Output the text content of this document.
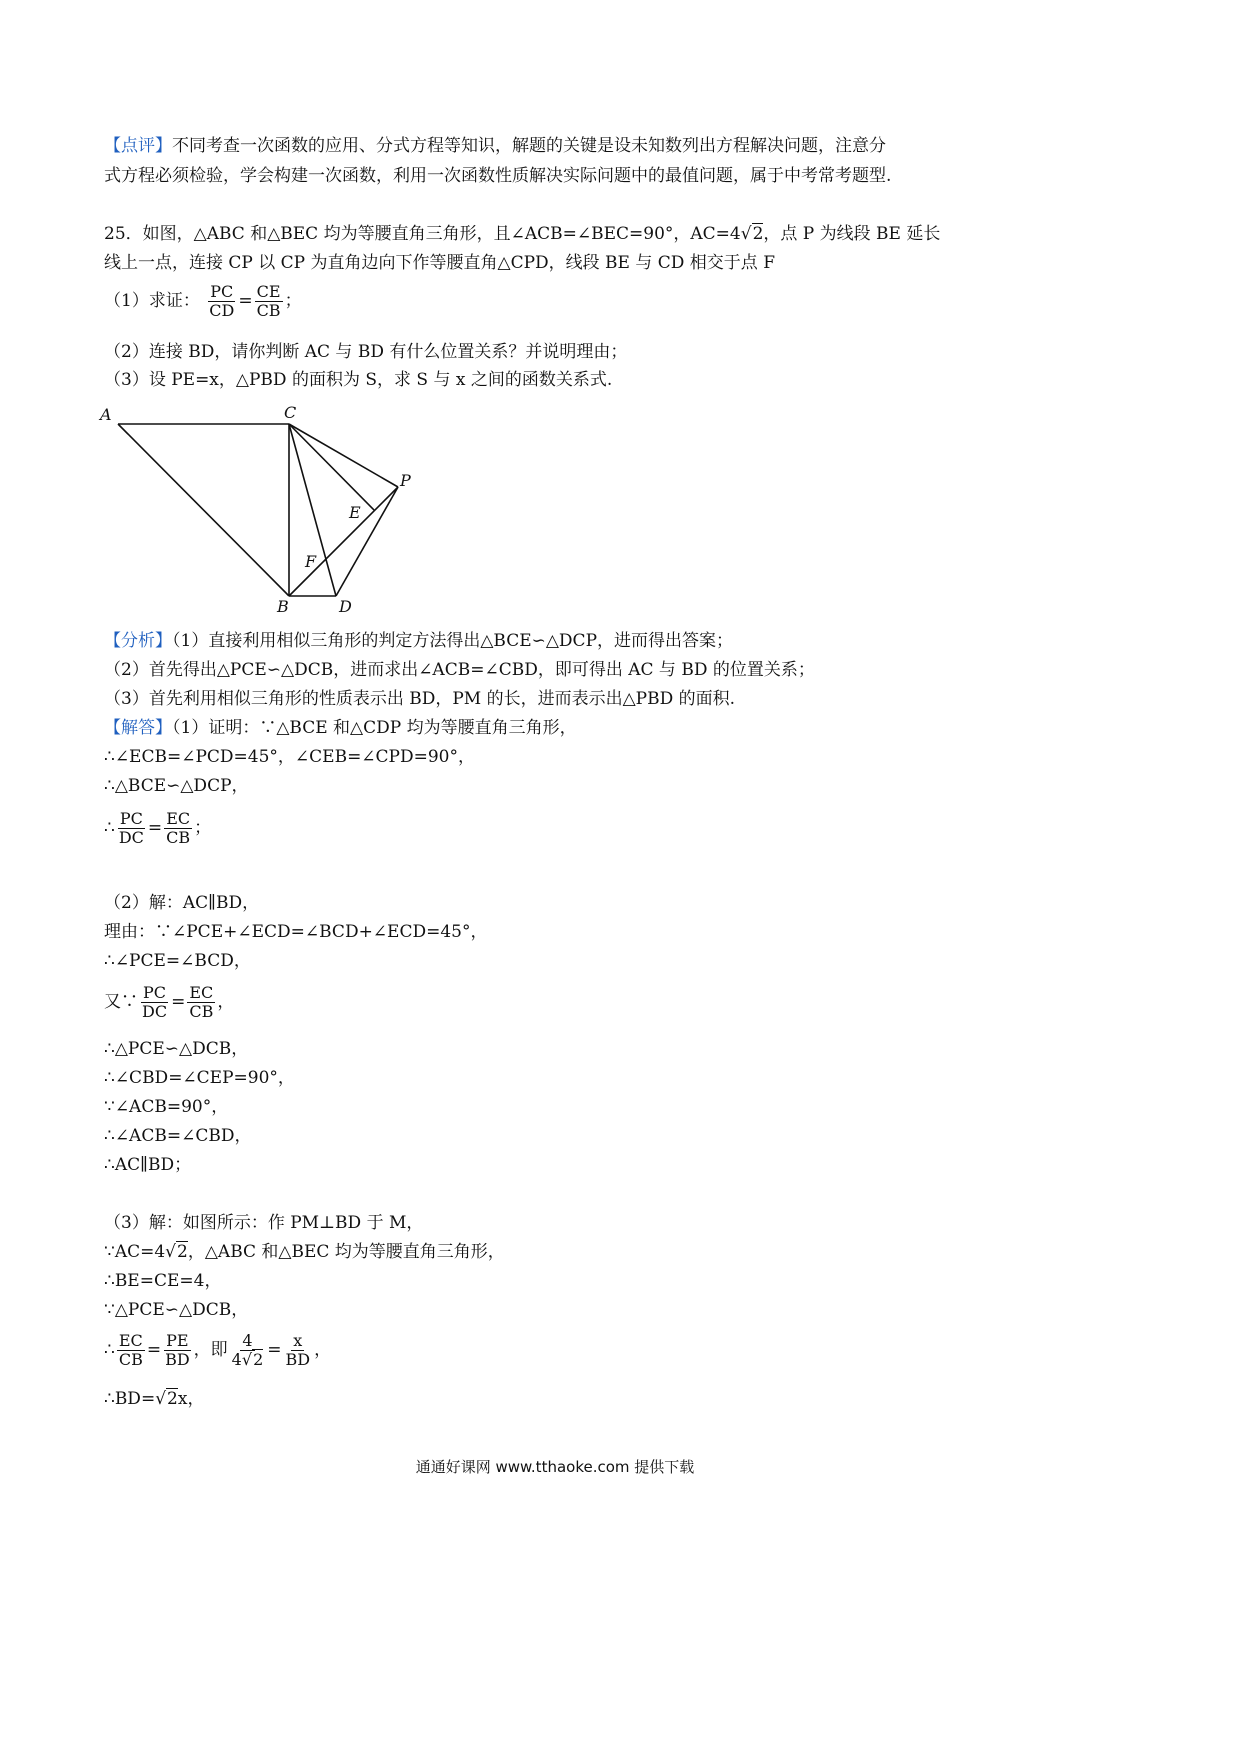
【点评】不同考查一次函数的应用、分式方程等知识，解题的关键是设未知数列出方程解决问题，注意分
式方程必须检验，学会构建一次函数，利用一次函数性质解决实际问题中的最值问题，属于中考常考题型.
25．如图，△ABC 和△BEC 均为等腰直角三角形，且∠ACB=∠BEC=90°，AC=4√2，点 P 为线段 BE 延长
线上一点，连接 CP 以 CP 为直角边向下作等腰直角△CPD，线段 BE 与 CD 相交于点 F
（1）求证： $\frac{PC}{CD} = \frac{CE}{CB}$ ；
（2）连接 BD，请你判断 AC 与 BD 有什么位置关系？并说明理由；
（3）设 PE=x，△PBD 的面积为 S，求 S 与 x 之间的函数关系式.
A	C
P
E
F
B	D
【分析】（1）直接利用相似三角形的判定方法得出△BCE∽△DCP，进而得出答案；
（2）首先得出△PCE∽△DCB，进而求出∠ACB=∠CBD，即可得出 AC 与 BD 的位置关系；
（3）首先利用相似三角形的性质表示出 BD，PM 的长，进而表示出△PBD 的面积.
【解答】（1）证明：∵△BCE 和△CDP 均为等腰直角三角形，
∴∠ECB=∠PCD=45°，∠CEB=∠CPD=90°，
∴△BCE∽△DCP，
∴ $\frac{PC}{DC} = \frac{EC}{CB}$ ；
（2）解：AC∥BD，
理由：∵∠PCE+∠ECD=∠BCD+∠ECD=45°，
∴∠PCE=∠BCD，
又∵ $\frac{PC}{DC} = \frac{EC}{CB}$ ，
∴△PCE∽△DCB，
∴∠CBD=∠CEP=90°，
∵∠ACB=90°，
∴∠ACB=∠CBD，
∴AC∥BD；
（3）解：如图所示：作 PM⊥BD 于 M，
∵AC=4√2，△ABC 和△BEC 均为等腰直角三角形，
∴BE=CE=4，
∵△PCE∽△DCB，
∴ $\frac{EC}{CB} = \frac{PE}{BD}$ ，即 $\frac{4}{4√2} = \frac{x}{BD}$ ，
∴BD=√2x，
通通好课网 www.tthaoke.com 提供下载
